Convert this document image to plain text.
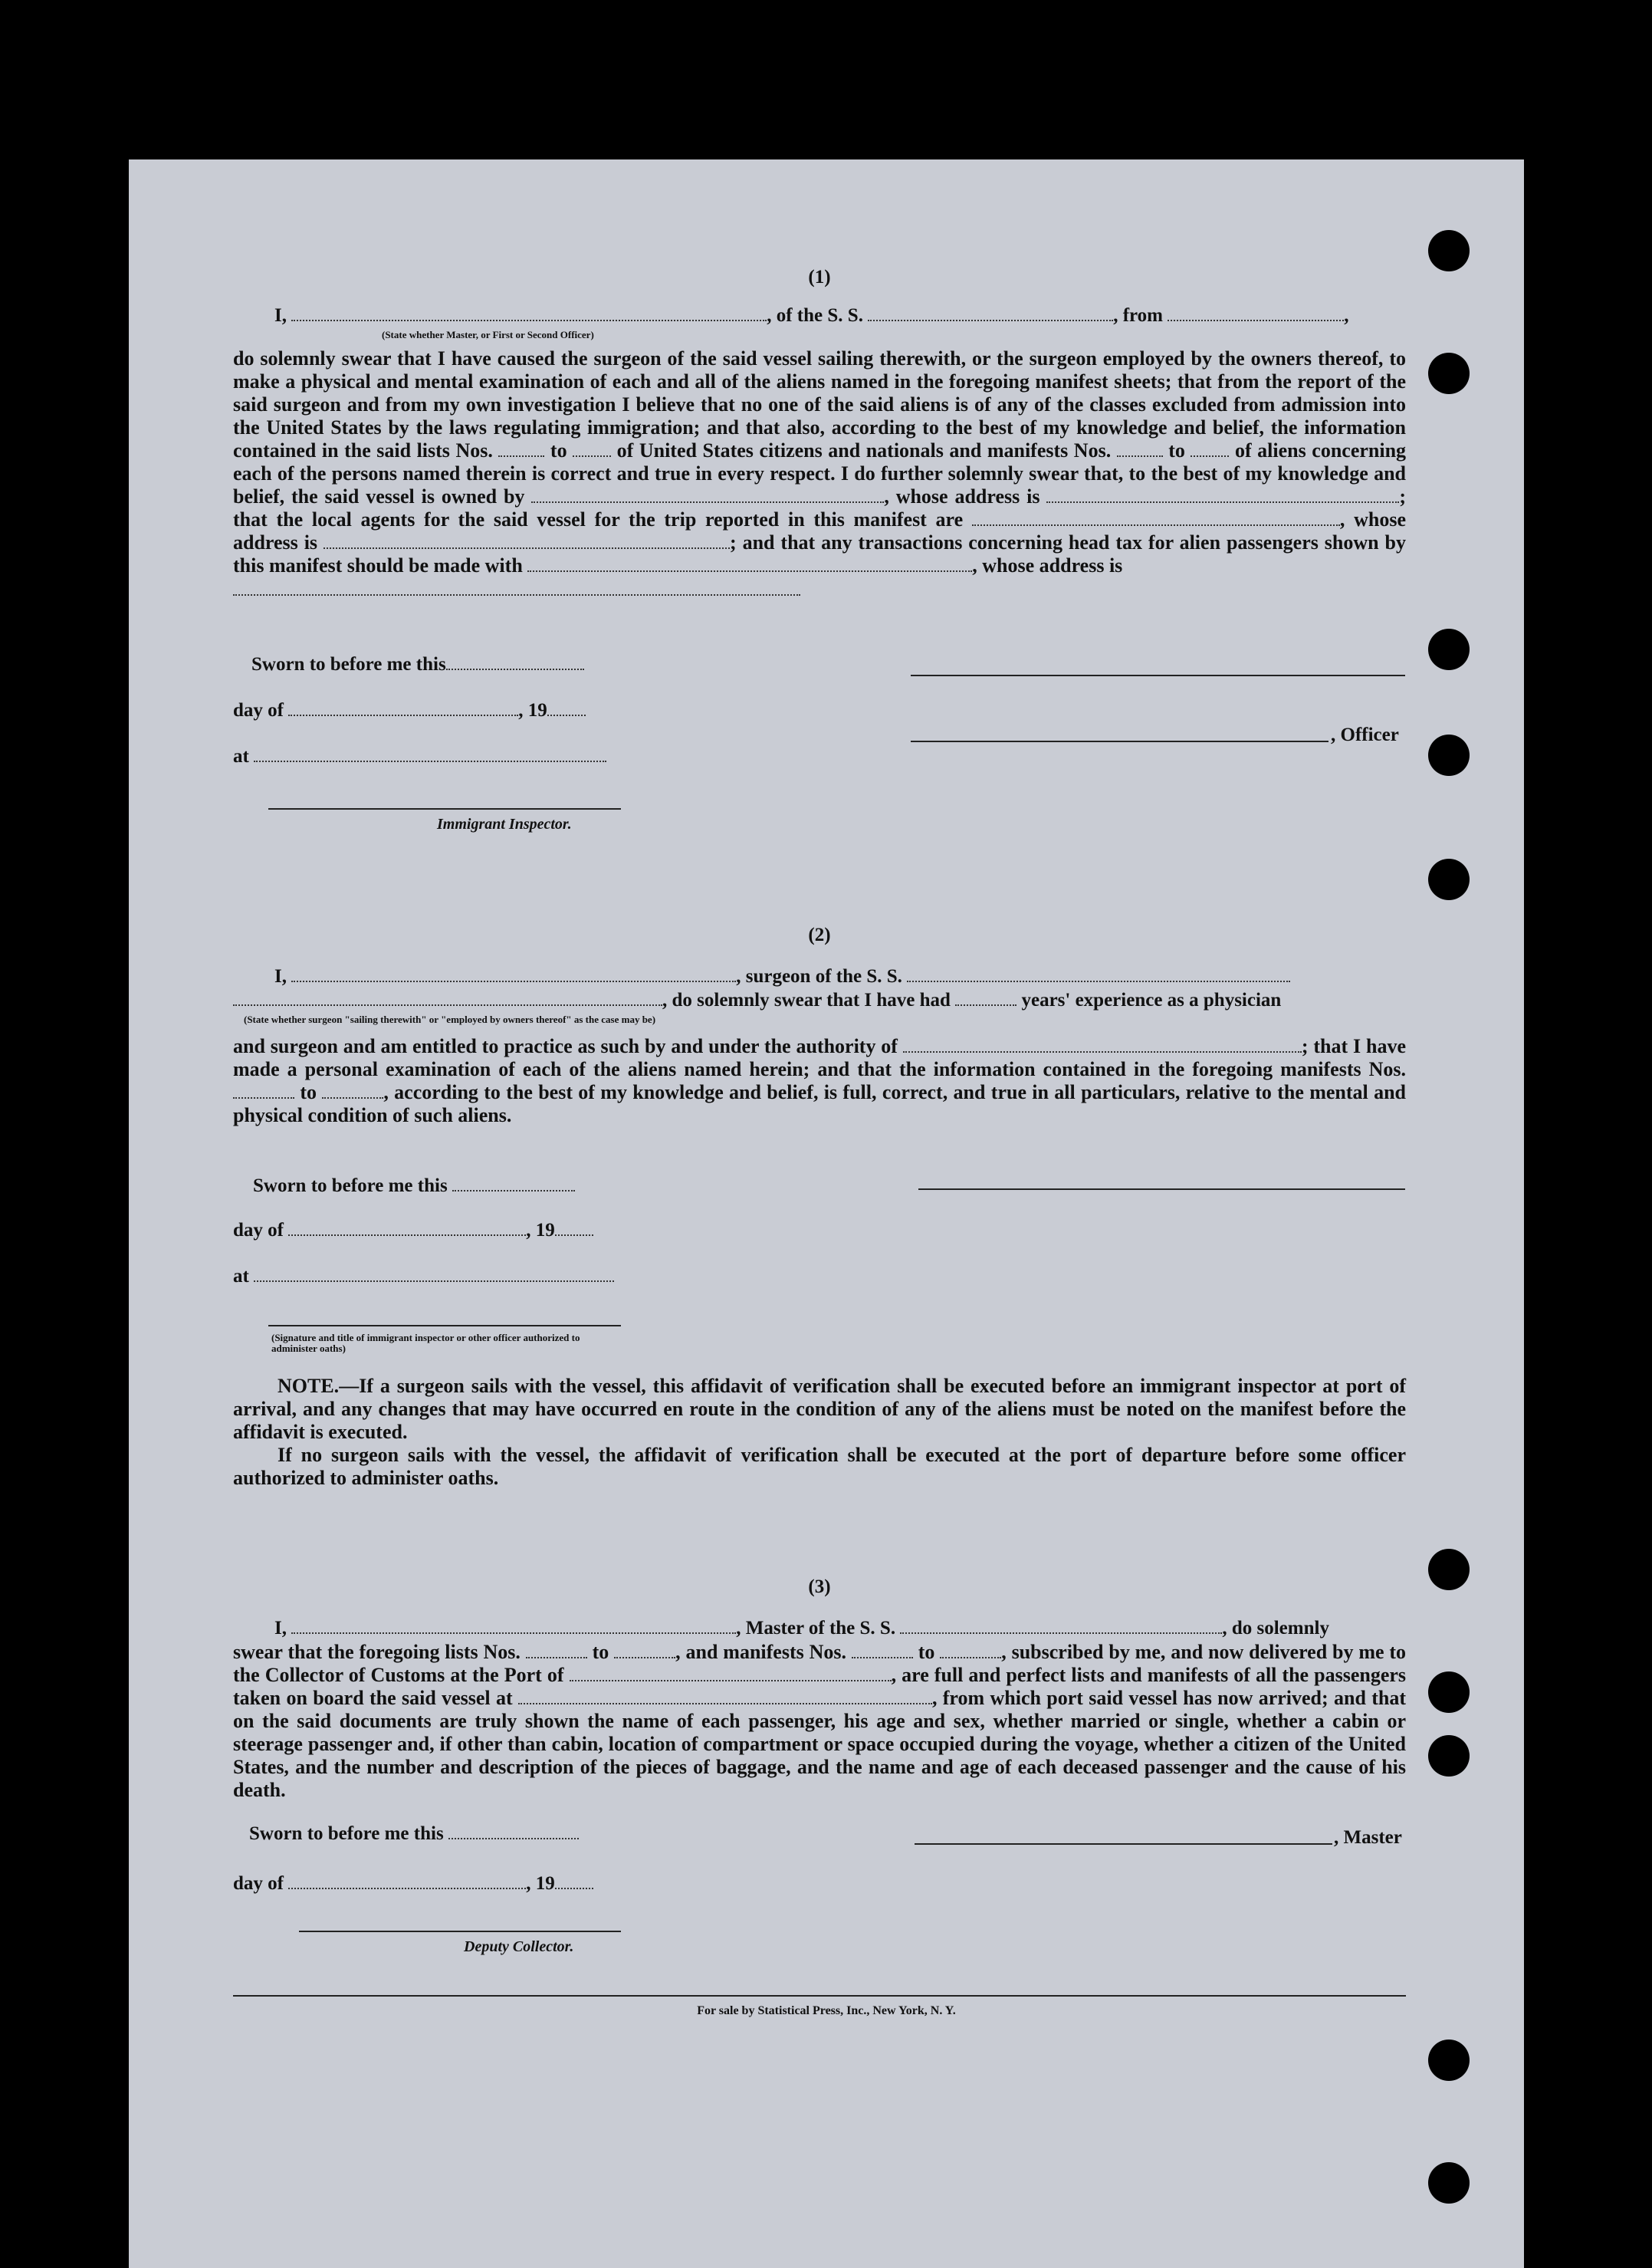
(1)
I,	, of the S. S.	, from	,
(State whether Master, or First or Second Officer)

do solemnly swear that I have caused the surgeon of the said vessel sailing therewith, or the surgeon employed by the owners thereof, to make a physical and mental examination of each and all of the aliens named in the foregoing manifest sheets; that from the report of the said surgeon and from my own investigation I believe that no one of the said aliens is of any of the classes excluded from admission into the United States by the laws regulating immigration; and that also, according to the best of my knowledge and belief, the information contained in the said lists Nos.	to	of United States citizens and nationals and manifests Nos.	to	of aliens concerning each of the persons named therein is correct and true in every respect. I do further solemnly swear that, to the best of my knowledge and belief, the said vessel is owned by	, whose address is	; that the local agents for the said vessel for the trip reported in this manifest are	, whose address is	; and that any transactions concerning head tax for alien passengers shown by this manifest should be made with	, whose address is

Sworn to before me this
day of	, 19
, Officer
at
Immigrant Inspector.
(2)
I,	, surgeon of the S. S.
, do solemnly swear that I have had	years' experience as a physician
(State whether surgeon "sailing therewith" or "employed by owners thereof" as the case may be)

and surgeon and am entitled to practice as such by and under the authority of	; that I have made a personal examination of each of the aliens named herein; and that the information contained in the foregoing manifests Nos.  to	, according to the best of my knowledge and belief, is full, correct, and true in all particulars, relative to the mental and physical condition of such aliens.

Sworn to before me this
day of	, 19
at
(Signature and title of immigrant inspector or other officer authorized to administer oaths)

NOTE.—If a surgeon sails with the vessel, this affidavit of verification shall be executed before an immigrant inspector at port of arrival, and any changes that may have occurred en route in the condition of any of the aliens must be noted on the manifest before the affidavit is executed.

If no surgeon sails with the vessel, the affidavit of verification shall be executed at the port of departure before some officer authorized to administer oaths.

(3)
I,	, Master of the S. S.	, do solemnly

swear that the foregoing lists Nos.	to	, and manifests Nos.	to	, subscribed by me, and now delivered by me to the Collector of Customs at the Port of	, are full and perfect lists and manifests of all the passengers taken on board the said vessel at	, from which port said vessel has now arrived; and that on the said documents are truly shown the name of each passenger, his age and sex, whether married or single, whether a cabin or steerage passenger and, if other than cabin, location of compartment or space occupied during the voyage, whether a citizen of the United States, and the number and description of the pieces of baggage, and the name and age of each deceased passenger and the cause of his death.

Sworn to before me this	, Master
day of	, 19
Deputy Collector.
For sale by Statistical Press, Inc., New York, N. Y.
